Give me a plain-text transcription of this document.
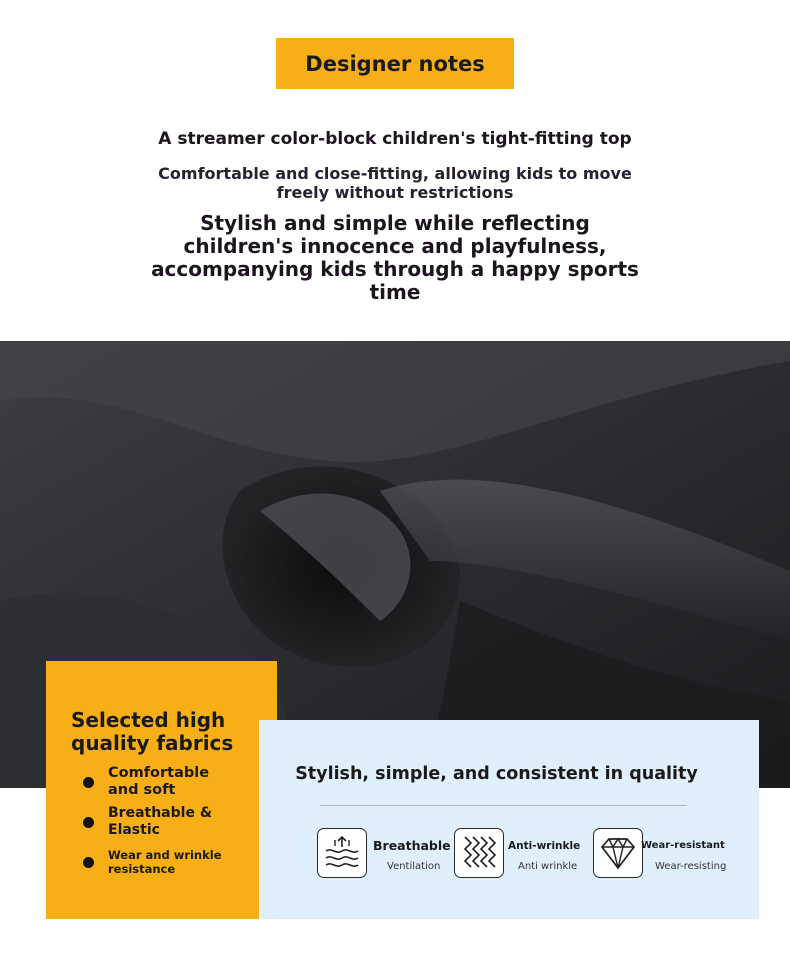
Designer notes
A streamer color-block children's tight-fitting top
Comfortable and close-fitting, allowing kids to move freely without restrictions
Stylish and simple while reflecting children's innocence and playfulness, accompanying kids through a happy sports time
Selected high quality fabrics
Comfortable and soft
Breathable & Elastic
Wear and wrinkle resistance
Stylish, simple, and consistent in quality
Breathable
Ventilation
Anti-wrinkle
Anti wrinkle
Wear-resistant
Wear-resisting
